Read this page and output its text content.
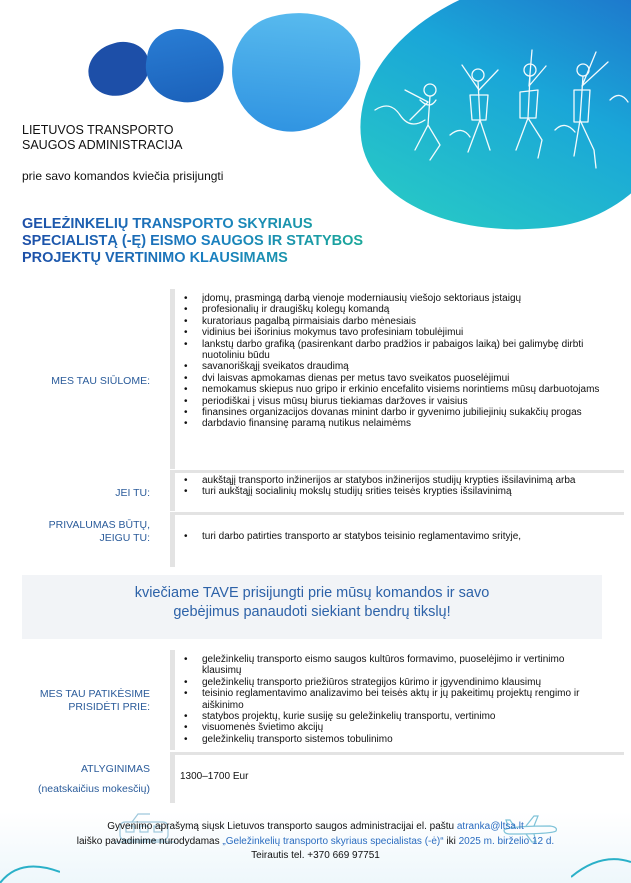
LIETUVOS TRANSPORTO
SAUGOS ADMINISTRACIJA
prie savo komandos kviečia prisijungti
GELEŽINKELIŲ TRANSPORTO SKYRIAUS
SPECIALISTĄ (-Ę) EISMO SAUGOS IR STATYBOS
PROJEKTŲ VERTINIMO KLAUSIMAMS
MES TAU SIŪLOME:
• įdomų, prasmingą darbą vienoje moderniausių viešojo sektoriaus įstaigų
• profesionalių ir draugiškų kolegų komandą
• kuratoriaus pagalbą pirmaisiais darbo mėnesiais
• vidinius bei išorinius mokymus tavo profesiniam tobulėjimui
• lankstų darbo grafiką (pasirenkant darbo pradžios ir pabaigos laiką) bei galimybę dirbti nuotoliniu būdu
• savanoriškąjį sveikatos draudimą
• dvi laisvas apmokamas dienas per metus tavo sveikatos puoselėjimui
• nemokamus skiepus nuo gripo ir erkinio encefalito visiems norintiems mūsų darbuotojams
• periodiškai į visus mūsų biurus tiekiamas daržoves ir vaisius
• finansines organizacijos dovanas minint darbo ir gyvenimo jubiliejinių sukakčių progas
• darbdavio finansinę paramą nutikus nelaimėms
JEI TU:
• aukštąjį transporto inžinerijos ar statybos inžinerijos studijų krypties išsilavinimą arba
• turi aukštąjį socialinių mokslų studijų srities teisės krypties išsilavinimą
PRIVALUMAS BŪTŲ,
JEIGU TU:
•	turi darbo patirties transporto ar statybos teisinio reglamentavimo srityje,
kviečiame TAVE prisijungti prie mūsų komandos ir savo
gebėjimus panaudoti siekiant bendrų tikslų!
MES TAU PATIKĖSIME
PRISIDĖTI PRIE:
• geležinkelių transporto eismo saugos kultūros formavimo, puoselėjimo ir vertinimo klausimų
• geležinkelių transporto priežiūros strategijos kūrimo ir įgyvendinimo klausimų
• teisinio reglamentavimo analizavimo bei teisės aktų ir jų pakeitimų projektų rengimo ir aiškinimo
• statybos projektų, kurie susiję su geležinkelių transportu, vertinimo
• visuomenės švietimo akcijų
• geležinkelių transporto sistemos tobulinimo
ATLYGINIMAS
(neatskaičius mokesčių)
1300–1700 Eur
Gyvenimo aprašymą siųsk Lietuvos transporto saugos administracijai el. paštu atranka@ltsa.lt
laiško pavadinime nurodydamas „Geležinkelių transporto skyriaus specialistas (-ė)“ iki 2025 m. birželio 12 d.
Teirautis tel. +370 669 97751
